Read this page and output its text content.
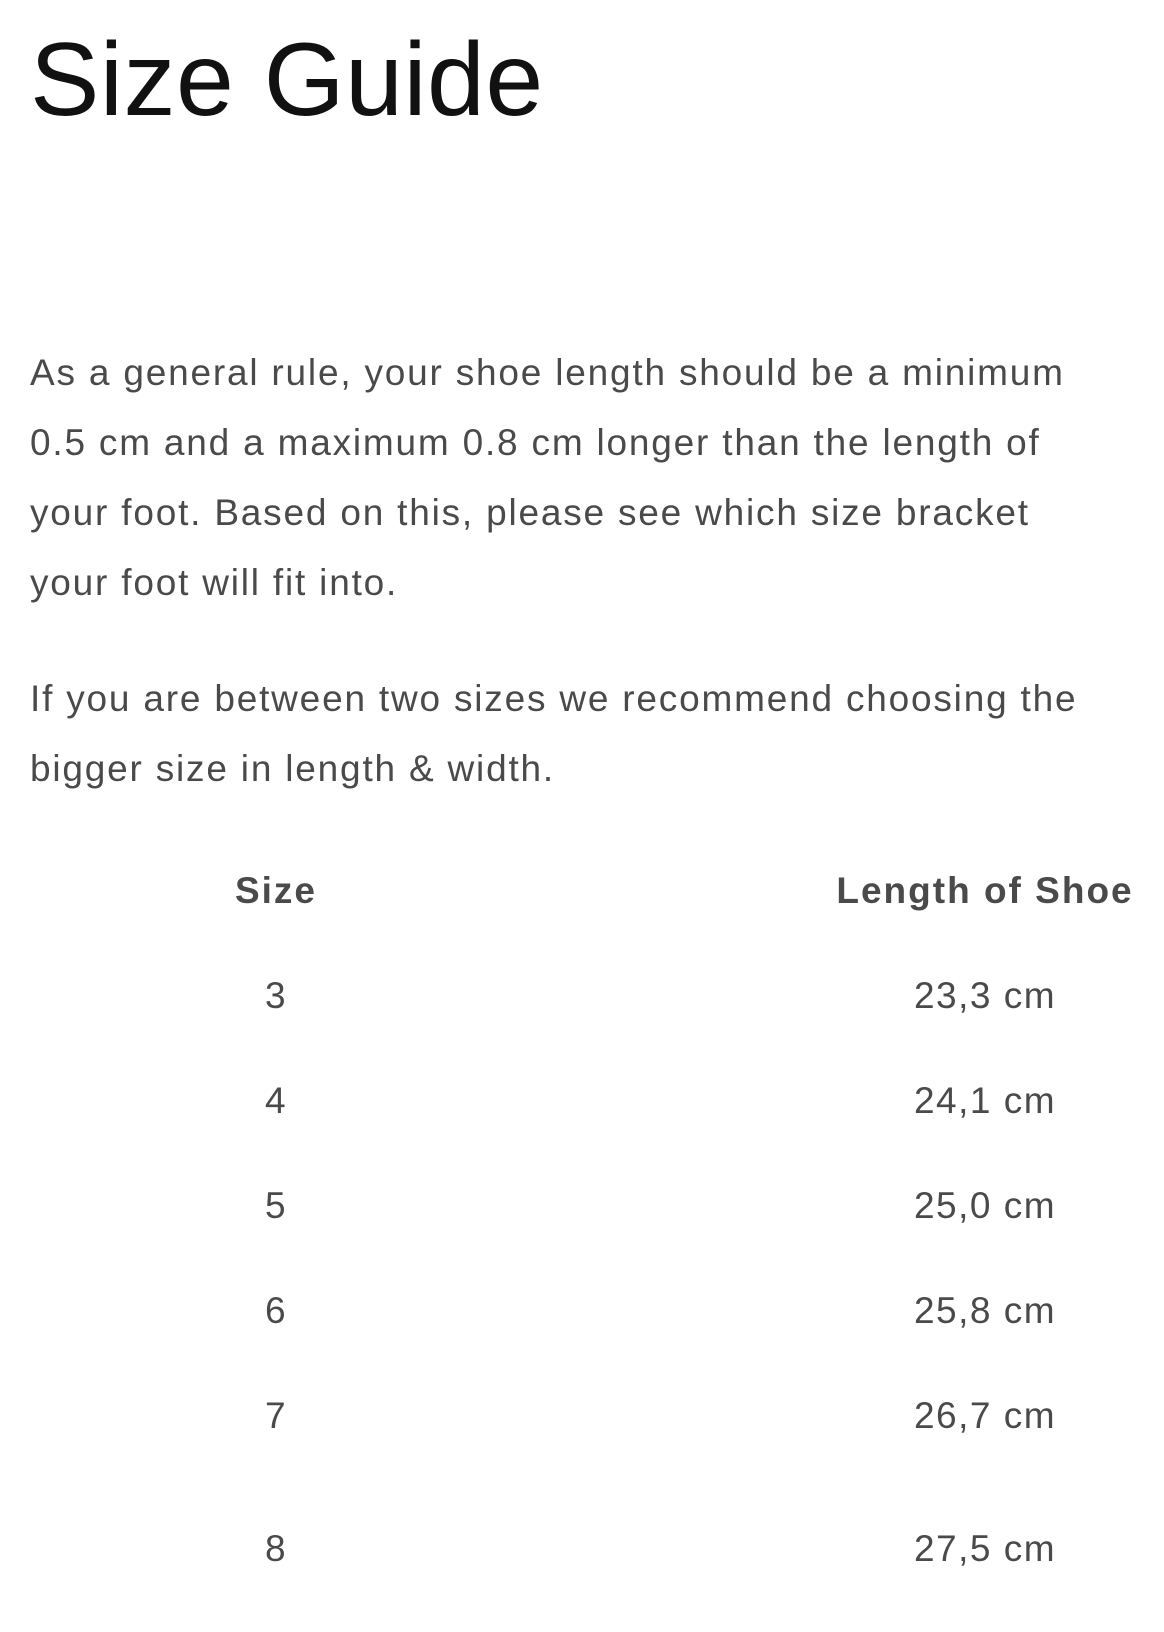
Size Guide

As a general rule, your shoe length should be a minimum 0.5 cm and a maximum 0.8 cm longer than the length of your foot. Based on this, please see which size bracket your foot will fit into.

If you are between two sizes we recommend choosing the bigger size in length & width.

Size	Length of Shoe
3	23,3 cm
4	24,1 cm
5	25,0 cm
6	25,8 cm
7	26,7 cm
8	27,5 cm
